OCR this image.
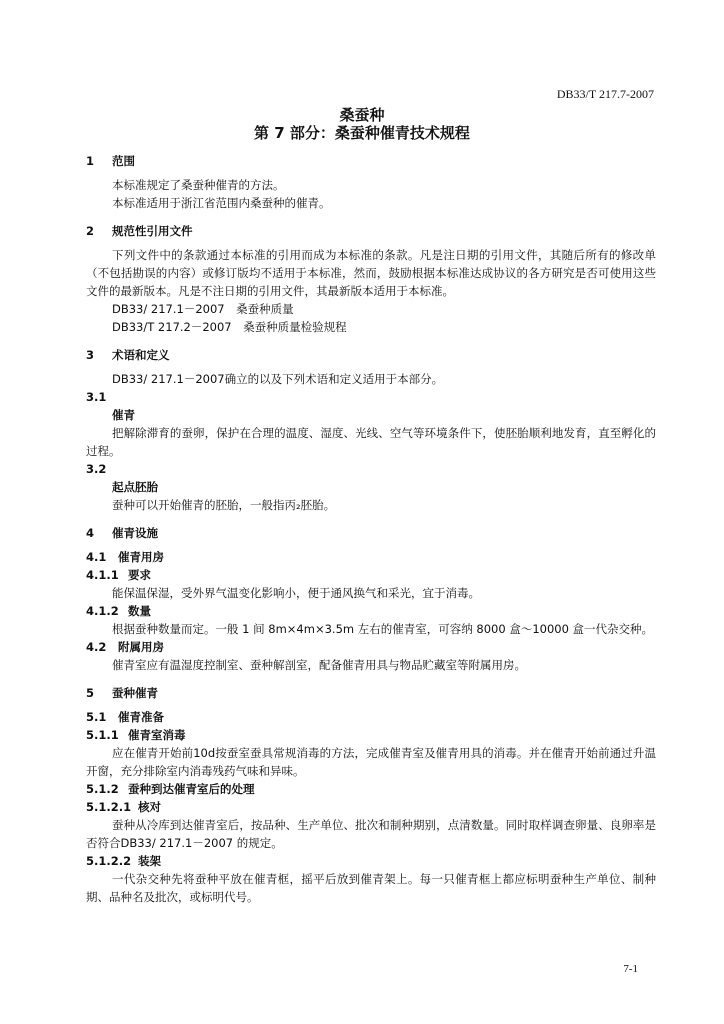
DB33/T 217.7-2007
桑蚕种
第 7 部分：桑蚕种催青技术规程
1 范围
本标准规定了桑蚕种催青的方法。
本标准适用于浙江省范围内桑蚕种的催青。
2 规范性引用文件
下列文件中的条款通过本标准的引用而成为本标准的条款。凡是注日期的引用文件，其随后所有的修改单（不包括勘误的内容）或修订版均不适用于本标准，然而，鼓励根据本标准达成协议的各方研究是否可使用这些文件的最新版本。凡是不注日期的引用文件，其最新版本适用于本标准。
DB33/ 217.1－2007　桑蚕种质量
DB33/T 217.2－2007　桑蚕种质量检验规程
3 术语和定义
DB33/ 217.1－2007确立的以及下列术语和定义适用于本部分。
3.1
催青
把解除滞育的蚕卵，保护在合理的温度、湿度、光线、空气等环境条件下，使胚胎顺利地发育，直至孵化的过程。
3.2
起点胚胎
蚕种可以开始催青的胚胎，一般指丙₂胚胎。
4 催青设施
4.1 催青用房
4.1.1 要求
能保温保湿，受外界气温变化影响小，便于通风换气和采光，宜于消毒。
4.1.2 数量
根据蚕种数量而定。一般 1 间 8m×4m×3.5m 左右的催青室，可容纳 8000 盒～10000 盒一代杂交种。
4.2 附属用房
催青室应有温湿度控制室、蚕种解剖室，配备催青用具与物品贮藏室等附属用房。
5 蚕种催青
5.1 催青准备
5.1.1 催青室消毒
应在催青开始前10d按蚕室蚕具常规消毒的方法，完成催青室及催青用具的消毒。并在催青开始前通过升温开窗，充分排除室内消毒残药气味和异味。
5.1.2 蚕种到达催青室后的处理
5.1.2.1 核对
蚕种从冷库到达催青室后，按品种、生产单位、批次和制种期别，点清数量。同时取样调查卵量、良卵率是否符合DB33/ 217.1－2007 的规定。
5.1.2.2 装架
一代杂交种先将蚕种平放在催青框，摇平后放到催青架上。每一只催青框上都应标明蚕种生产单位、制种期、品种名及批次，或标明代号。
7-1
